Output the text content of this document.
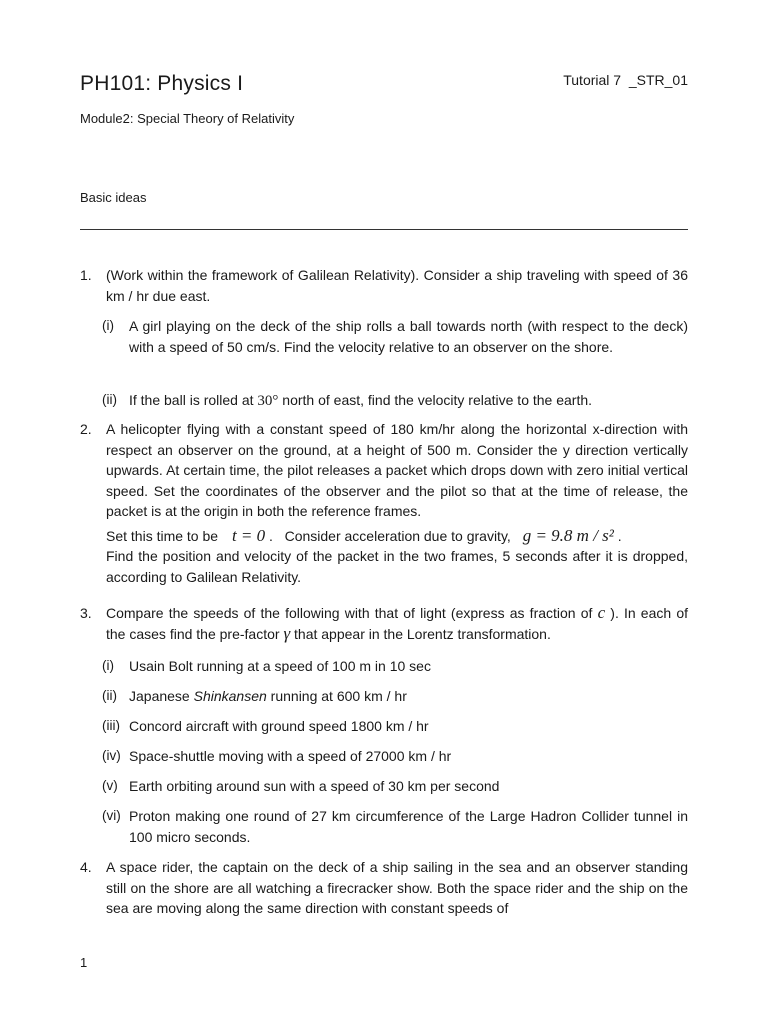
PH101: Physics I	Tutorial 7  _STR_01
Module2: Special Theory of Relativity
Basic ideas
1. (Work within the framework of Galilean Relativity). Consider a ship traveling with speed of 36 km / hr due east.
(i) A girl playing on the deck of the ship rolls a ball towards north (with respect to the deck) with a speed of 50 cm/s. Find the velocity relative to an observer on the shore.
(ii) If the ball is rolled at 30° north of east, find the velocity relative to the earth.
2. A helicopter flying with a constant speed of 180 km/hr along the horizontal x-direction with respect an observer on the ground, at a height of 500 m. Consider the y direction vertically upwards. At certain time, the pilot releases a packet which drops down with zero initial vertical speed. Set the coordinates of the observer and the pilot so that at the time of release, the packet is at the origin in both the reference frames.
Set this time to be t = 0 .   Consider acceleration due to gravity, g = 9.8 m / s² .
Find the position and velocity of the packet in the two frames, 5 seconds after it is dropped, according to Galilean Relativity.
3. Compare the speeds of the following with that of light (express as fraction of c ). In each of the cases find the pre-factor γ that appear in the Lorentz transformation.
(i) Usain Bolt running at a speed of 100 m in 10 sec
(ii) Japanese Shinkansen running at 600 km / hr
(iii) Concord aircraft with ground speed 1800 km / hr
(iv) Space-shuttle moving with a speed of 27000 km / hr
(v) Earth orbiting around sun with a speed of 30 km per second
(vi) Proton making one round of 27 km circumference of the Large Hadron Collider tunnel in 100 micro seconds.
4. A space rider, the captain on the deck of a ship sailing in the sea and an observer standing still on the shore are all watching a firecracker show. Both the space rider and the ship on the sea are moving along the same direction with constant speeds of
1
